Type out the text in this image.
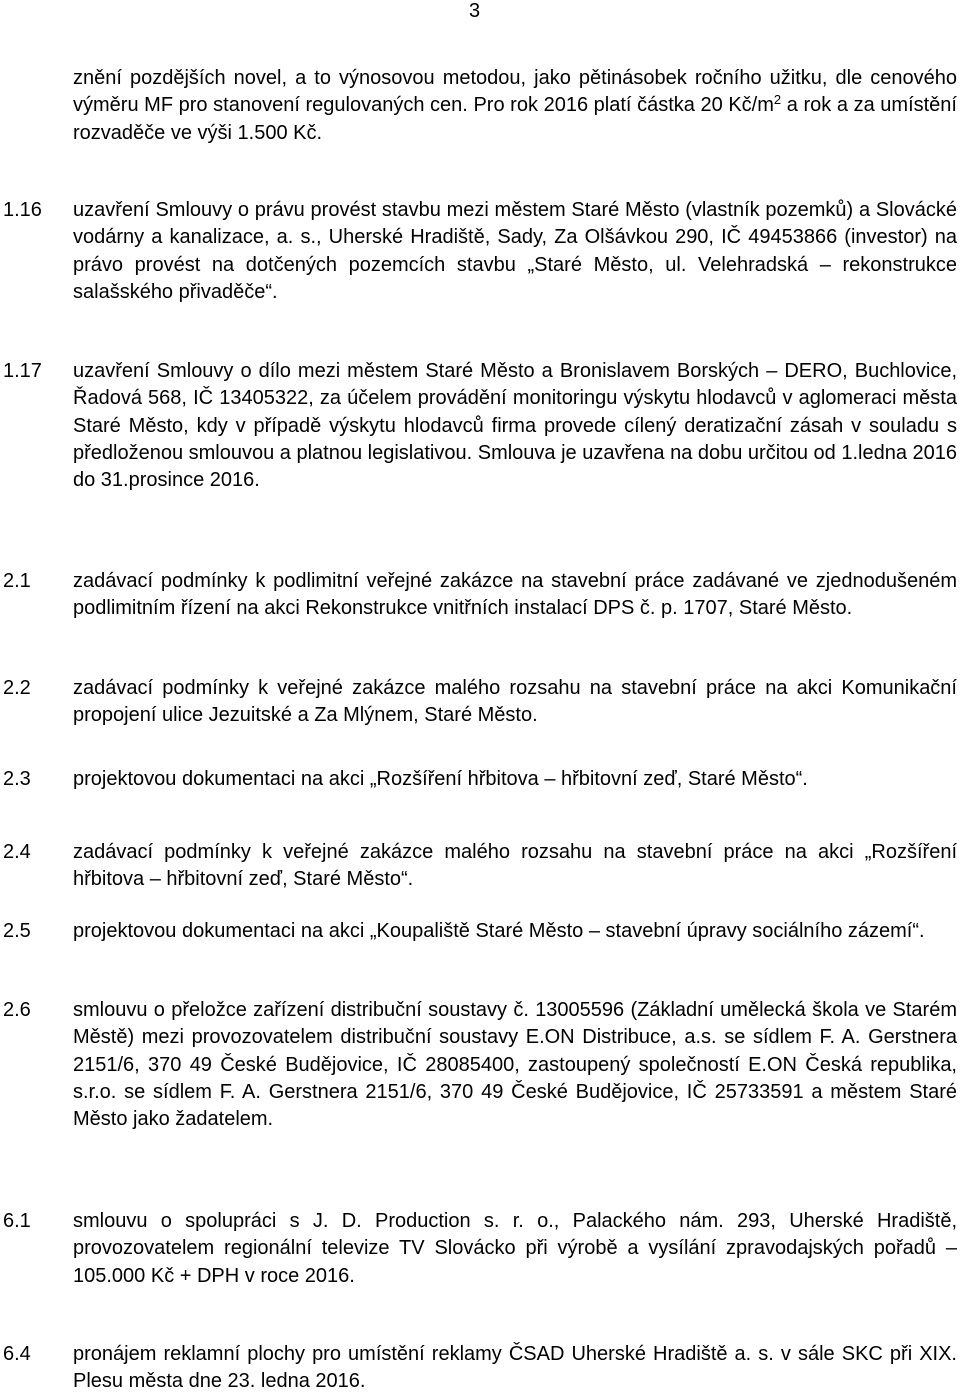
3
znění pozdějších novel, a to výnosovou metodou, jako pětinásobek ročního užitku, dle cenového výměru MF pro stanovení regulovaných cen. Pro rok 2016 platí částka 20 $Kč/m^2$ a rok a za umístění rozvaděče ve výši 1.500 Kč.
1.16	uzavření Smlouvy o právu provést stavbu mezi městem Staré Město (vlastník pozemků) a Slovácké vodárny a kanalizace, a. s., Uherské Hradiště, Sady, Za Olšávkou 290, IČ 49453866 (investor) na právo provést na dotčených pozemcích stavbu „Staré Město, ul. Velehradská – rekonstrukce salašského přivaděče“.
1.17	uzavření Smlouvy o dílo mezi městem Staré Město a Bronislavem Borských – DERO, Buchlovice, Řadová 568, IČ 13405322, za účelem provádění monitoringu výskytu hlodavců v aglomeraci města Staré Město, kdy v případě výskytu hlodavců firma provede cílený deratizační zásah v souladu s předloženou smlouvou a platnou legislativou. Smlouva je uzavřena na dobu určitou od 1.ledna 2016 do 31.prosince 2016.
2.1	zadávací podmínky k podlimitní veřejné zakázce na stavební práce zadávané ve zjednodušeném podlimitním řízení na akci Rekonstrukce vnitřních instalací DPS č. p. 1707, Staré Město.
2.2	zadávací podmínky k veřejné zakázce malého rozsahu na stavební práce na akci Komunikační propojení ulice Jezuitské a Za Mlýnem, Staré Město.
2.3	projektovou dokumentaci na akci „Rozšíření hřbitova – hřbitovní zeď, Staré Město“.
2.4	zadávací podmínky k veřejné zakázce malého rozsahu na stavební práce na akci „Rozšíření hřbitova – hřbitovní zeď, Staré Město“.
2.5	projektovou dokumentaci na akci „Koupaliště Staré Město – stavební úpravy sociálního zázemí“.
2.6	smlouvu o přeložce zařízení distribuční soustavy č. 13005596 (Základní umělecká škola ve Starém Městě) mezi provozovatelem distribuční soustavy E.ON Distribuce, a.s. se sídlem F. A. Gerstnera 2151/6, 370 49 České Budějovice, IČ 28085400, zastoupený společností E.ON Česká republika, s.r.o. se sídlem F. A. Gerstnera 2151/6, 370 49 České Budějovice, IČ 25733591 a městem Staré Město jako žadatelem.
6.1	smlouvu o spolupráci s J. D. Production s. r. o., Palackého nám. 293, Uherské Hradiště, provozovatelem regionální televize TV Slovácko při výrobě a vysílání zpravodajských pořadů – 105.000 Kč + DPH v roce 2016.
6.4	pronájem reklamní plochy pro umístění reklamy ČSAD Uherské Hradiště a. s. v sále SKC při XIX. Plesu města dne 23. ledna 2016.
